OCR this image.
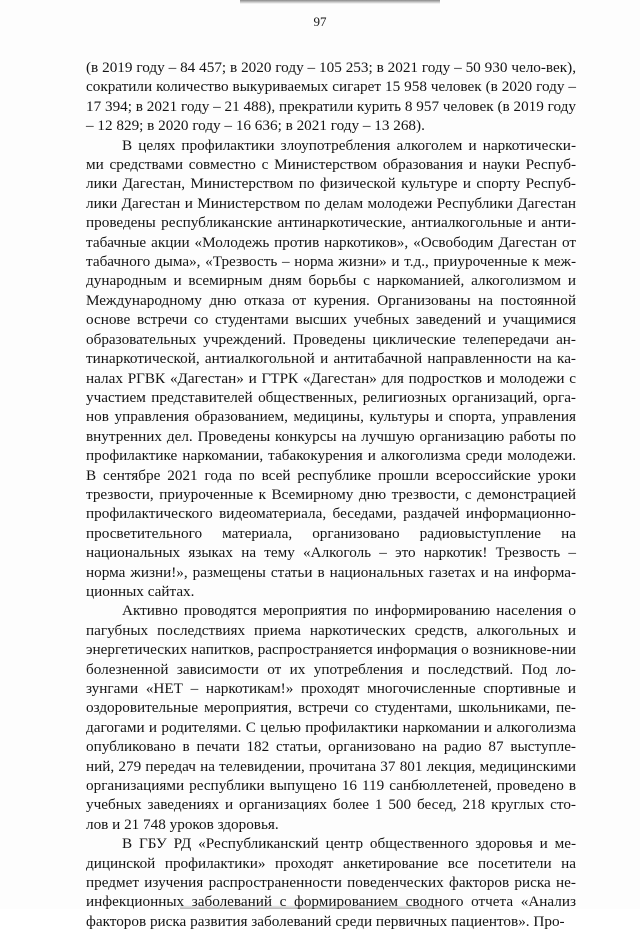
97

(в 2019 году – 84 457; в 2020 году – 105 253; в 2021 году – 50 930 чело-век), сократили количество выкуриваемых сигарет 15 958 человек (в 2020 году – 17 394; в 2021 году – 21 488), прекратили курить 8 957 человек (в 2019 году – 12 829; в 2020 году – 16 636; в 2021 году – 13 268).

В целях профилактики злоупотребления алкоголем и наркотически-ми средствами совместно с Министерством образования и науки Респуб-лики Дагестан, Министерством по физической культуре и спорту Респуб-лики Дагестан и Министерством по делам молодежи Республики Дагестан проведены республиканские антинаркотические, антиалкогольные и анти-табачные акции «Молодежь против наркотиков», «Освободим Дагестан от табачного дыма», «Трезвость – норма жизни» и т.д., приуроченные к меж-дународным и всемирным дням борьбы с наркоманией, алкоголизмом и Международному дню отказа от курения. Организованы на постоянной основе встречи со студентами высших учебных заведений и учащимися образовательных учреждений. Проведены циклические телепередачи ан-тинаркотической, антиалкогольной и антитабачной направленности на ка-налах РГВК «Дагестан» и ГТРК «Дагестан» для подростков и молодежи с участием представителей общественных, религиозных организаций, орга-нов управления образованием, медицины, культуры и спорта, управления внутренних дел. Проведены конкурсы на лучшую организацию работы по профилактике наркомании, табакокурения и алкоголизма среди молодежи. В сентябре 2021 года по всей республике прошли всероссийские уроки трезвости, приуроченные к Всемирному дню трезвости, с демонстрацией профилактического видеоматериала, беседами, раздачей информационно-просветительного материала, организовано радиовыступление на национальных языках на тему «Алкоголь – это наркотик! Трезвость – норма жизни!», размещены статьи в национальных газетах и на информа-ционных сайтах.

Активно проводятся мероприятия по информированию населения о пагубных последствиях приема наркотических средств, алкогольных и энергетических напитков, распространяется информация о возникнове-нии болезненной зависимости от их употребления и последствий. Под ло-зунгами «НЕТ – наркотикам!» проходят многочисленные спортивные и оздоровительные мероприятия, встречи со студентами, школьниками, пе-дагогами и родителями. С целью профилактики наркомании и алкоголизма опубликовано в печати 182 статьи, организовано на радио 87 выступле-ний, 279 передач на телевидении, прочитана 37 801 лекция, медицинскими организациями республики выпущено 16 119 санбюллетеней, проведено в учебных заведениях и организациях более 1 500 бесед, 218 круглых сто-лов и 21 748 уроков здоровья.

В ГБУ РД «Республиканский центр общественного здоровья и ме-дицинской профилактики» проходят анкетирование все посетители на предмет изучения распространенности поведенческих факторов риска не-инфекционных заболеваний с формированием сводного отчета «Анализ факторов риска развития заболеваний среди первичных пациентов». Про-
